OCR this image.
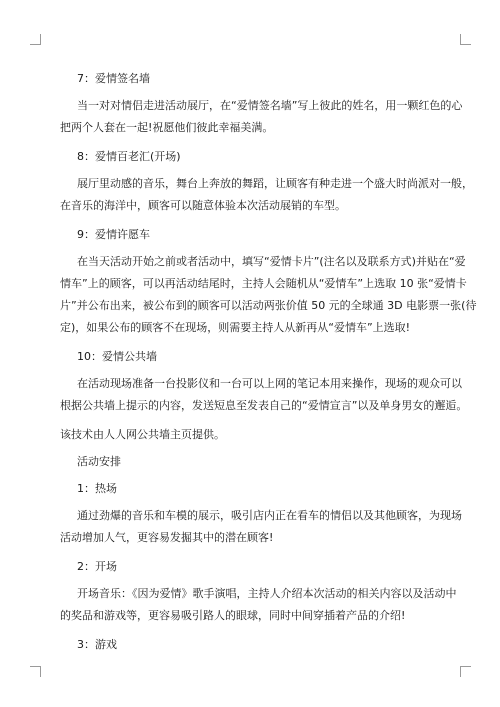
7：爱情签名墙

当一对对情侣走进活动展厅，在“爱情签名墙”写上彼此的姓名，用一颗红色的心

把两个人套在一起!祝愿他们彼此幸福美满。

8：爱情百老汇(开场)

展厅里动感的音乐，舞台上奔放的舞蹈，让顾客有种走进一个盛大时尚派对一般，

在音乐的海洋中，顾客可以随意体验本次活动展销的车型。

9：爱情许愿车

在当天活动开始之前或者活动中，填写“爱情卡片”(注名以及联系方式)并贴在“爱

情车”上的顾客，可以再活动结尾时，主持人会随机从“爱情车”上选取 10 张“爱情卡

片”并公布出来，被公布到的顾客可以活动两张价值 50 元的全球通 3D 电影票一张(待

定)，如果公布的顾客不在现场，则需要主持人从新再从“爱情车”上选取!

10：爱情公共墙

在活动现场准备一台投影仪和一台可以上网的笔记本用来操作，现场的观众可以

根据公共墙上提示的内容，发送短息至发表自己的“爱情宣言”以及单身男女的邂逅。

该技术由人人网公共墙主页提供。

活动安排

1：热场

通过劲爆的音乐和车模的展示，吸引店内正在看车的情侣以及其他顾客，为现场

活动增加人气，更容易发掘其中的潜在顾客!

2：开场

开场音乐：《因为爱情》歌手演唱，主持人介绍本次活动的相关内容以及活动中

的奖品和游戏等，更容易吸引路人的眼球，同时中间穿插着产品的介绍!

3：游戏
